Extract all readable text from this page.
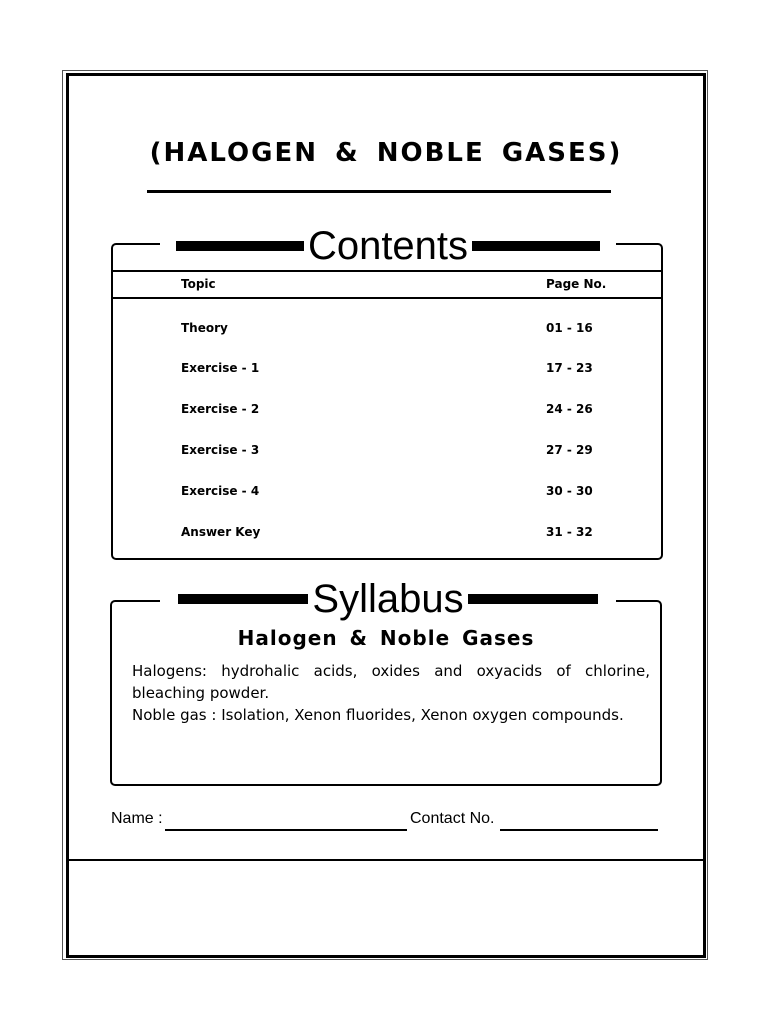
(HALOGEN & NOBLE GASES)
Topic	Page No.
Theory	01 - 16
Exercise - 1	17 - 23
Exercise - 2	24 - 26
Exercise - 3	27 - 29
Exercise - 4	30 - 30
Answer Key	31 - 32
Contents
Halogen & Noble Gases
Halogens: hydrohalic acids, oxides and oxyacids of chlorine,
bleaching powder.
Noble gas : Isolation, Xenon fluorides, Xenon oxygen compounds.
Syllabus
Name :	Contact No.
